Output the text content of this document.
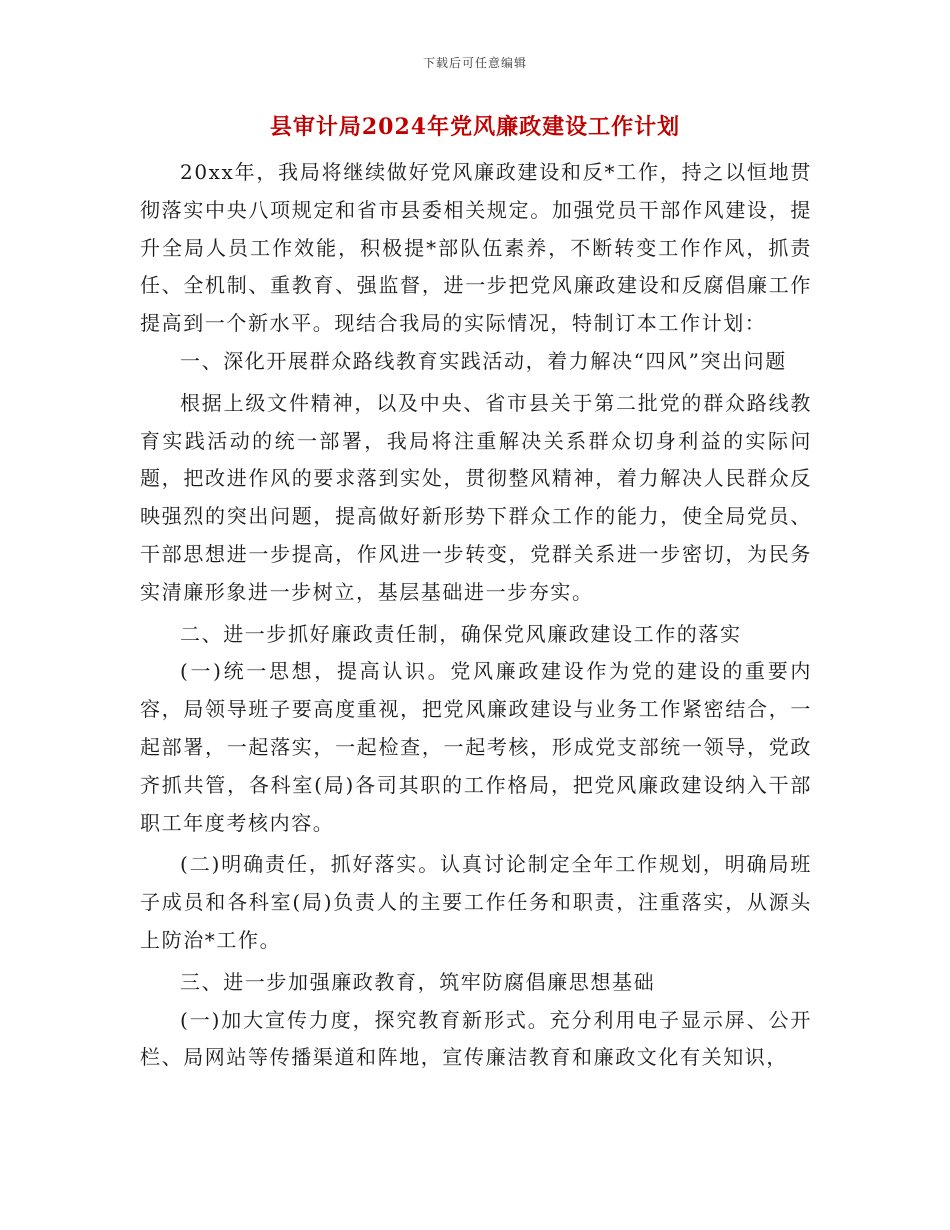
下载后可任意编辑
县审计局2024年党风廉政建设工作计划

20xx年，我局将继续做好党风廉政建设和反*工作，持之以恒地贯彻落实中央八项规定和省市县委相关规定。加强党员干部作风建设，提升全局人员工作效能，积极提*部队伍素养，不断转变工作作风，抓责任、全机制、重教育、强监督，进一步把党风廉政建设和反腐倡廉工作提高到一个新水平。现结合我局的实际情况，特制订本工作计划：

一、深化开展群众路线教育实践活动，着力解决“四风”突出问题

根据上级文件精神，以及中央、省市县关于第二批党的群众路线教育实践活动的统一部署，我局将注重解决关系群众切身利益的实际问题，把改进作风的要求落到实处，贯彻整风精神，着力解决人民群众反映强烈的突出问题，提高做好新形势下群众工作的能力，使全局党员、干部思想进一步提高，作风进一步转变，党群关系进一步密切，为民务实清廉形象进一步树立，基层基础进一步夯实。

二、进一步抓好廉政责任制，确保党风廉政建设工作的落实

(一)统一思想，提高认识。党风廉政建设作为党的建设的重要内容，局领导班子要高度重视，把党风廉政建设与业务工作紧密结合，一起部署，一起落实，一起检查，一起考核，形成党支部统一领导，党政齐抓共管，各科室(局)各司其职的工作格局，把党风廉政建设纳入干部职工年度考核内容。

(二)明确责任，抓好落实。认真讨论制定全年工作规划，明确局班子成员和各科室(局)负责人的主要工作任务和职责，注重落实，从源头上防治*工作。

三、进一步加强廉政教育，筑牢防腐倡廉思想基础

(一)加大宣传力度，探究教育新形式。充分利用电子显示屏、公开栏、局网站等传播渠道和阵地，宣传廉洁教育和廉政文化有关知识，
